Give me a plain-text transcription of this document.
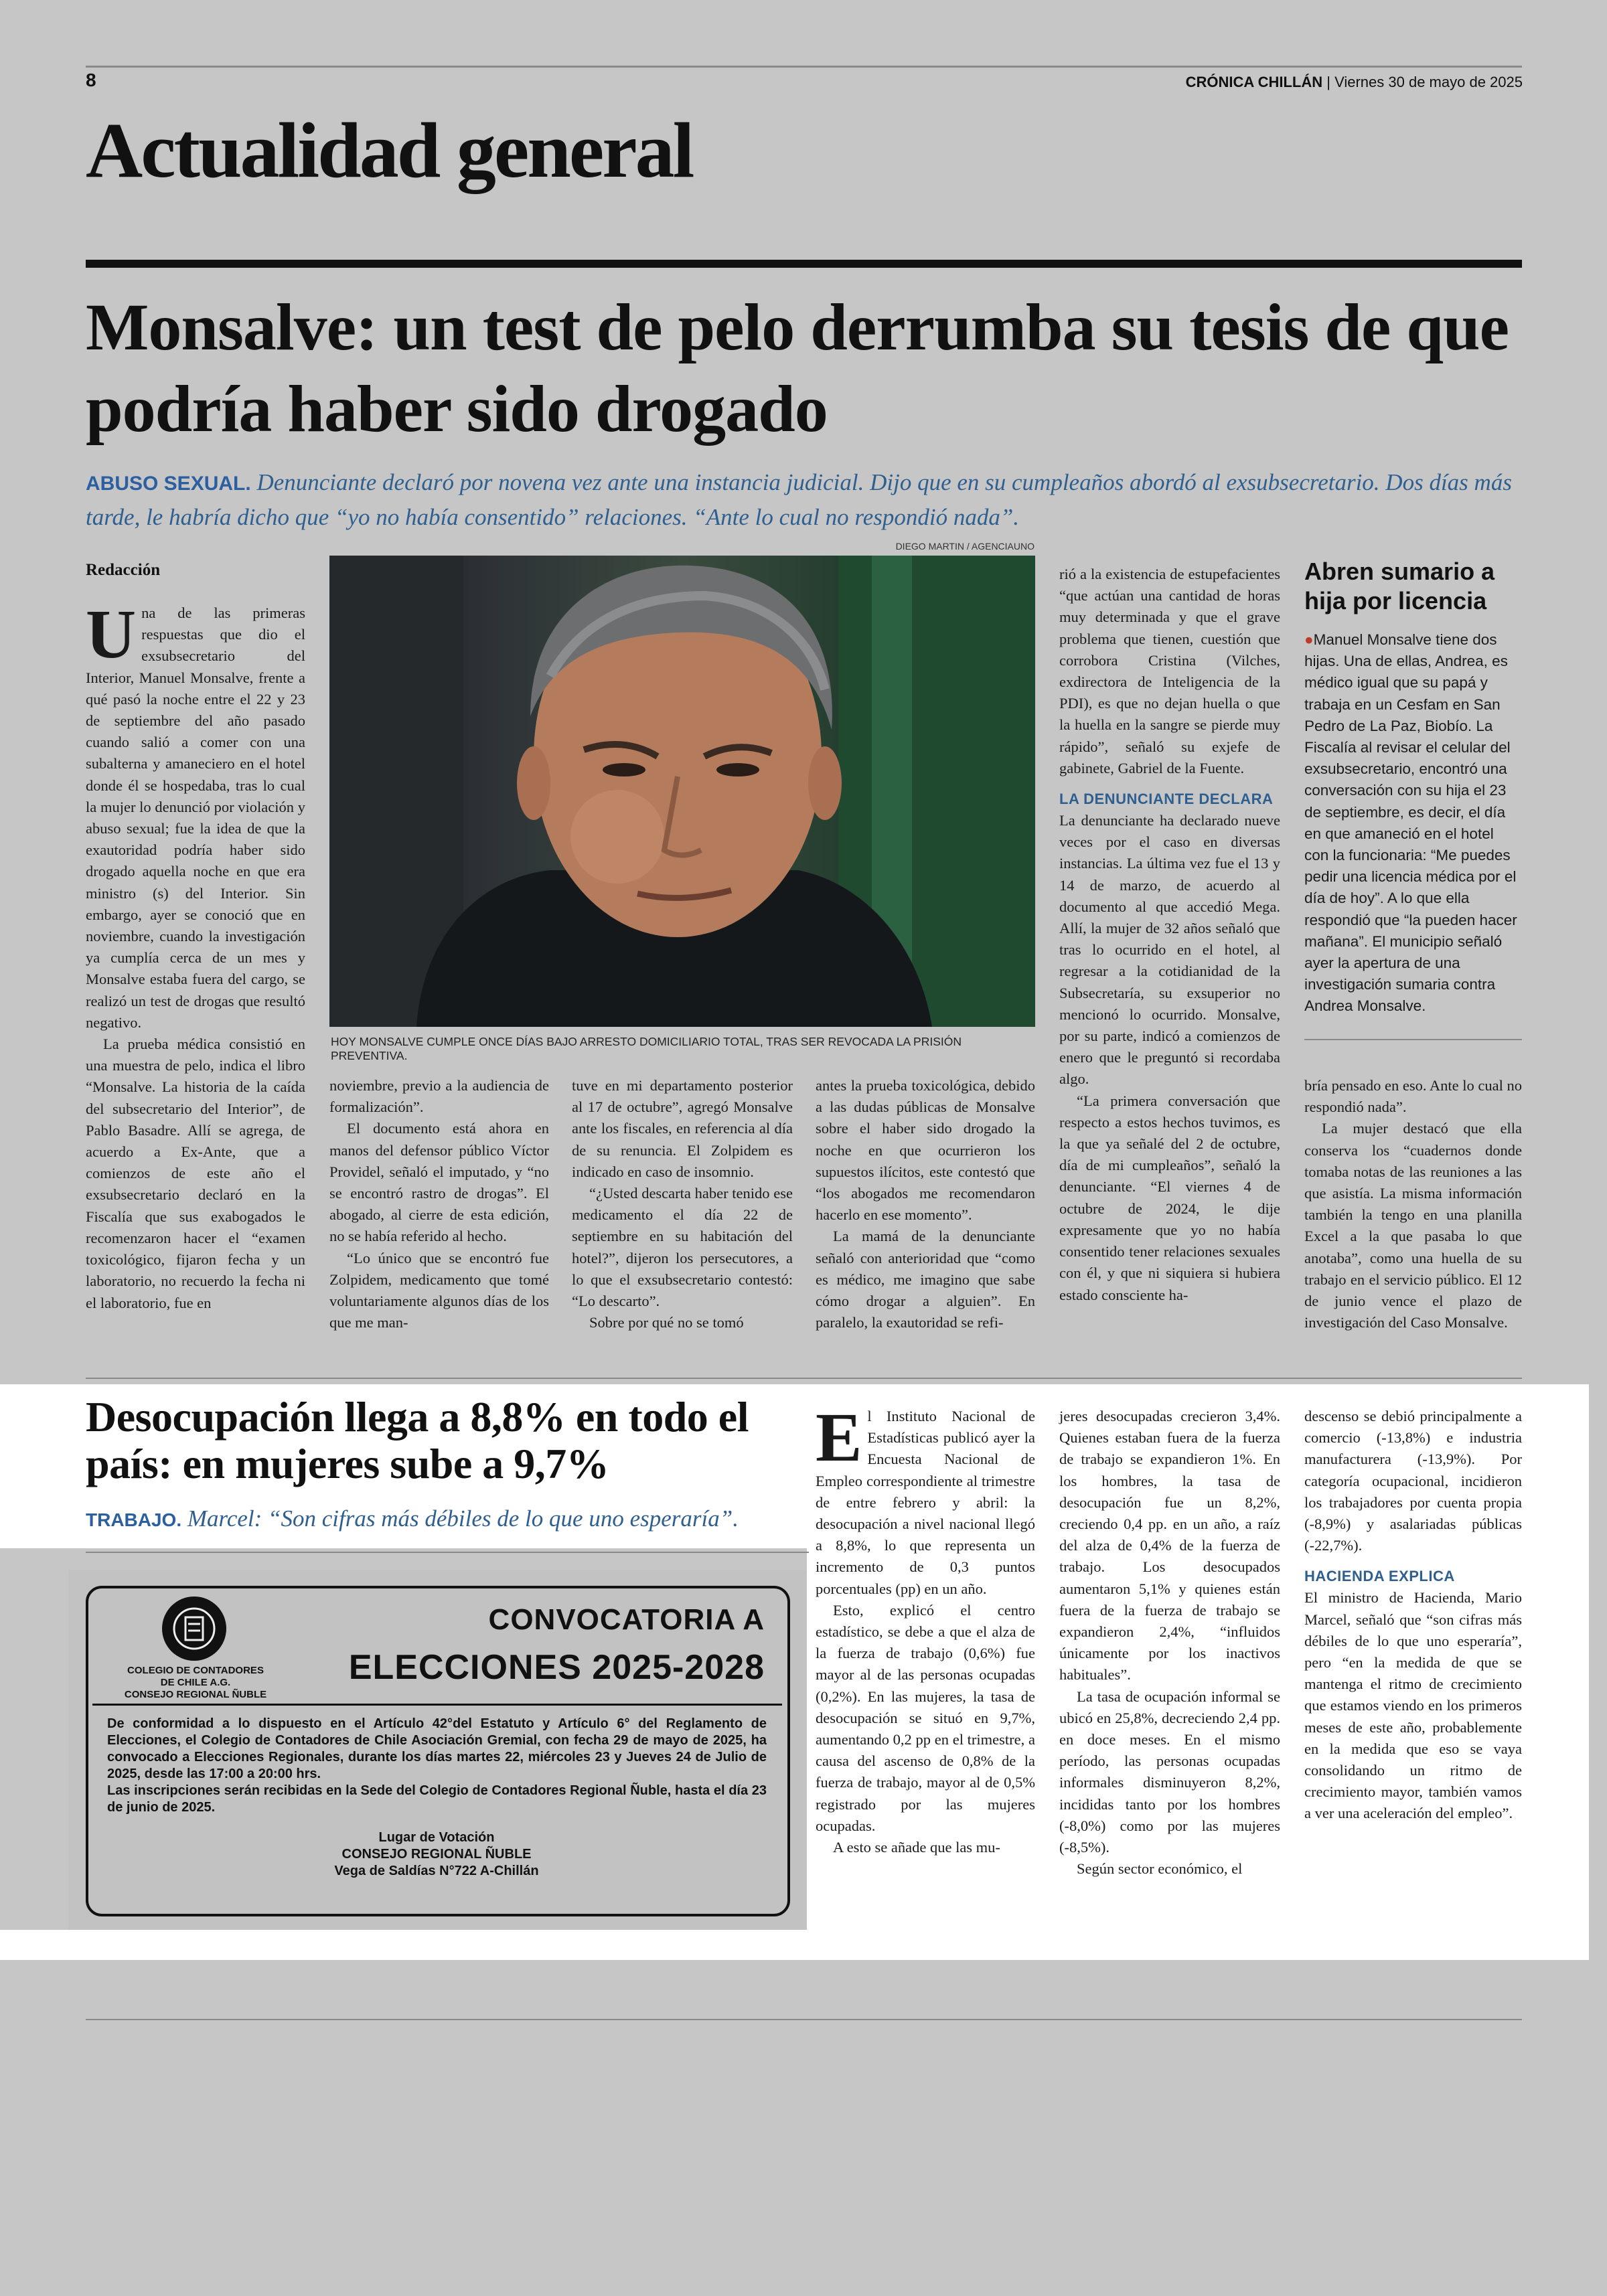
8	CRÓNICA CHILLÁN | Viernes 30 de mayo de 2025
Actualidad general
Monsalve: un test de pelo derrumba su tesis de que podría haber sido drogado
ABUSO SEXUAL. Denunciante declaró por novena vez ante una instancia judicial. Dijo que en su cumpleaños abordó al exsubsecretario. Dos días más tarde, le habría dicho que “yo no había consentido” relaciones. “Ante lo cual no respondió nada”.
Redacción

Una de las primeras respuestas que dio el exsubsecretario del Interior, Manuel Monsalve, frente a qué pasó la noche entre el 22 y 23 de septiembre del año pasado cuando salió a comer con una subalterna y amaneciero en el hotel donde él se hospedaba, tras lo cual la mujer lo denunció por violación y abuso sexual; fue la idea de que la exautoridad podría haber sido drogado aquella noche en que era ministro (s) del Interior. Sin embargo, ayer se conoció que en noviembre, cuando la investigación ya cumplía cerca de un mes y Monsalve estaba fuera del cargo, se realizó un test de drogas que resultó negativo.

La prueba médica consistió en una muestra de pelo, indica el libro “Monsalve. La historia de la caída del subsecretario del Interior”, de Pablo Basadre. Allí se agrega, de acuerdo a Ex-Ante, que a comienzos de este año el exsubsecretario declaró en la Fiscalía que sus exabogados le recomenzaron hacer el “examen toxicológico, fijaron fecha y un laboratorio, no recuerdo la fecha ni el laboratorio, fue en

DIEGO MARTIN / AGENCIAUNO
HOY MONSALVE CUMPLE ONCE DÍAS BAJO ARRESTO DOMICILIARIO TOTAL, TRAS SER REVOCADA LA PRISIÓN PREVENTIVA.

noviembre, previo a la audiencia de formalización”.

El documento está ahora en manos del defensor público Víctor Providel, señaló el imputado, y “no se encontró rastro de drogas”. El abogado, al cierre de esta edición, no se había referido al hecho.

“Lo único que se encontró fue Zolpidem, medicamento que tomé voluntariamente algunos días de los que me man-

tuve en mi departamento posterior al 17 de octubre”, agregó Monsalve ante los fiscales, en referencia al día de su renuncia. El Zolpidem es indicado en caso de insomnio.

“¿Usted descarta haber tenido ese medicamento el día 22 de septiembre en su habitación del hotel?”, dijeron los persecutores, a lo que el exsubsecretario contestó: “Lo descarto”.

Sobre por qué no se tomó

antes la prueba toxicológica, debido a las dudas públicas de Monsalve sobre el haber sido drogado la noche en que ocurrieron los supuestos ilícitos, este contestó que “los abogados me recomendaron hacerlo en ese momento”.

La mamá de la denunciante señaló con anterioridad que “como es médico, me imagino que sabe cómo drogar a alguien”. En paralelo, la exautoridad se refi-

rió a la existencia de estupefacientes “que actúan una cantidad de horas muy determinada y que el grave problema que tienen, cuestión que corrobora Cristina (Vilches, exdirectora de Inteligencia de la PDI), es que no dejan huella o que la huella en la sangre se pierde muy rápido”, señaló su exjefe de gabinete, Gabriel de la Fuente.

LA DENUNCIANTE DECLARA

La denunciante ha declarado nueve veces por el caso en diversas instancias. La última vez fue el 13 y 14 de marzo, de acuerdo al documento al que accedió Mega. Allí, la mujer de 32 años señaló que tras lo ocurrido en el hotel, al regresar a la cotidianidad de la Subsecretaría, su exsuperior no mencionó lo ocurrido. Monsalve, por su parte, indicó a comienzos de enero que le preguntó si recordaba algo.

“La primera conversación que respecto a estos hechos tuvimos, es la que ya señalé del 2 de octubre, día de mi cumpleaños”, señaló la denunciante. “El viernes 4 de octubre de 2024, le dije expresamente que yo no había consentido tener relaciones sexuales con él, y que ni siquiera si hubiera estado consciente ha-

Abren sumario a hija por licencia
●Manuel Monsalve tiene dos hijas. Una de ellas, Andrea, es médico igual que su papá y trabaja en un Cesfam en San Pedro de La Paz, Biobío. La Fiscalía al revisar el celular del exsubsecretario, encontró una conversación con su hija el 23 de septiembre, es decir, el día en que amaneció en el hotel con la funcionaria: “Me puedes pedir una licencia médica por el día de hoy”. A lo que ella respondió que “la pueden hacer mañana”. El municipio señaló ayer la apertura de una investigación sumaria contra Andrea Monsalve.

bría pensado en eso. Ante lo cual no respondió nada”.

La mujer destacó que ella conserva los “cuadernos donde tomaba notas de las reuniones a las que asistía. La misma información también la tengo en una planilla Excel a la que pasaba lo que anotaba”, como una huella de su trabajo en el servicio público. El 12 de junio vence el plazo de investigación del Caso Monsalve.

Desocupación llega a 8,8% en todo el país: en mujeres sube a 9,7%
TRABAJO. Marcel: “Son cifras más débiles de lo que uno esperaría”.

El Instituto Nacional de Estadísticas publicó ayer la Encuesta Nacional de Empleo correspondiente al trimestre de entre febrero y abril: la desocupación a nivel nacional llegó a 8,8%, lo que representa un incremento de 0,3 puntos porcentuales (pp) en un año.

Esto, explicó el centro estadístico, se debe a que el alza de la fuerza de trabajo (0,6%) fue mayor al de las personas ocupadas (0,2%). En las mujeres, la tasa de desocupación se situó en 9,7%, aumentando 0,2 pp en el trimestre, a causa del ascenso de 0,8% de la fuerza de trabajo, mayor al de 0,5% registrado por las mujeres ocupadas.

A esto se añade que las mu-

jeres desocupadas crecieron 3,4%. Quienes estaban fuera de la fuerza de trabajo se expandieron 1%. En los hombres, la tasa de desocupación fue un 8,2%, creciendo 0,4 pp. en un año, a raíz del alza de 0,4% de la fuerza de trabajo. Los desocupados aumentaron 5,1% y quienes están fuera de la fuerza de trabajo se expandieron 2,4%, “influidos únicamente por los inactivos habituales”.

La tasa de ocupación informal se ubicó en 25,8%, decreciendo 2,4 pp. en doce meses. En el mismo período, las personas ocupadas informales disminuyeron 8,2%, incididas tanto por los hombres (-8,0%) como por las mujeres (-8,5%).

Según sector económico, el

descenso se debió principalmente a comercio (-13,8%) e industria manufacturera (-13,9%). Por categoría ocupacional, incidieron los trabajadores por cuenta propia (-8,9%) y asalariadas públicas (-22,7%).

HACIENDA EXPLICA

El ministro de Hacienda, Mario Marcel, señaló que “son cifras más débiles de lo que uno esperaría”, pero “en la medida de que se mantenga el ritmo de crecimiento que estamos viendo en los primeros meses de este año, probablemente en la medida que eso se vaya consolidando un ritmo de crecimiento mayor, también vamos a ver una aceleración del empleo”.

COLEGIO DE CONTADORES
DE CHILE A.G.
CONSEJO REGIONAL ÑUBLE
CONVOCATORIA A
ELECCIONES 2025-2028
De conformidad a lo dispuesto en el Artículo 42°del Estatuto y Artículo 6° del Reglamento de Elecciones, el Colegio de Contadores de Chile Asociación Gremial, con fecha 29 de mayo de 2025, ha convocado a Elecciones Regionales, durante los días martes 22, miércoles 23 y Jueves 24 de Julio de 2025, desde las 17:00 a 20:00 hrs.
Las inscripciones serán recibidas en la Sede del Colegio de Contadores Regional Ñuble, hasta el día 23 de junio de 2025.
Lugar de Votación
CONSEJO REGIONAL ÑUBLE
Vega de Saldías N°722 A-Chillán
